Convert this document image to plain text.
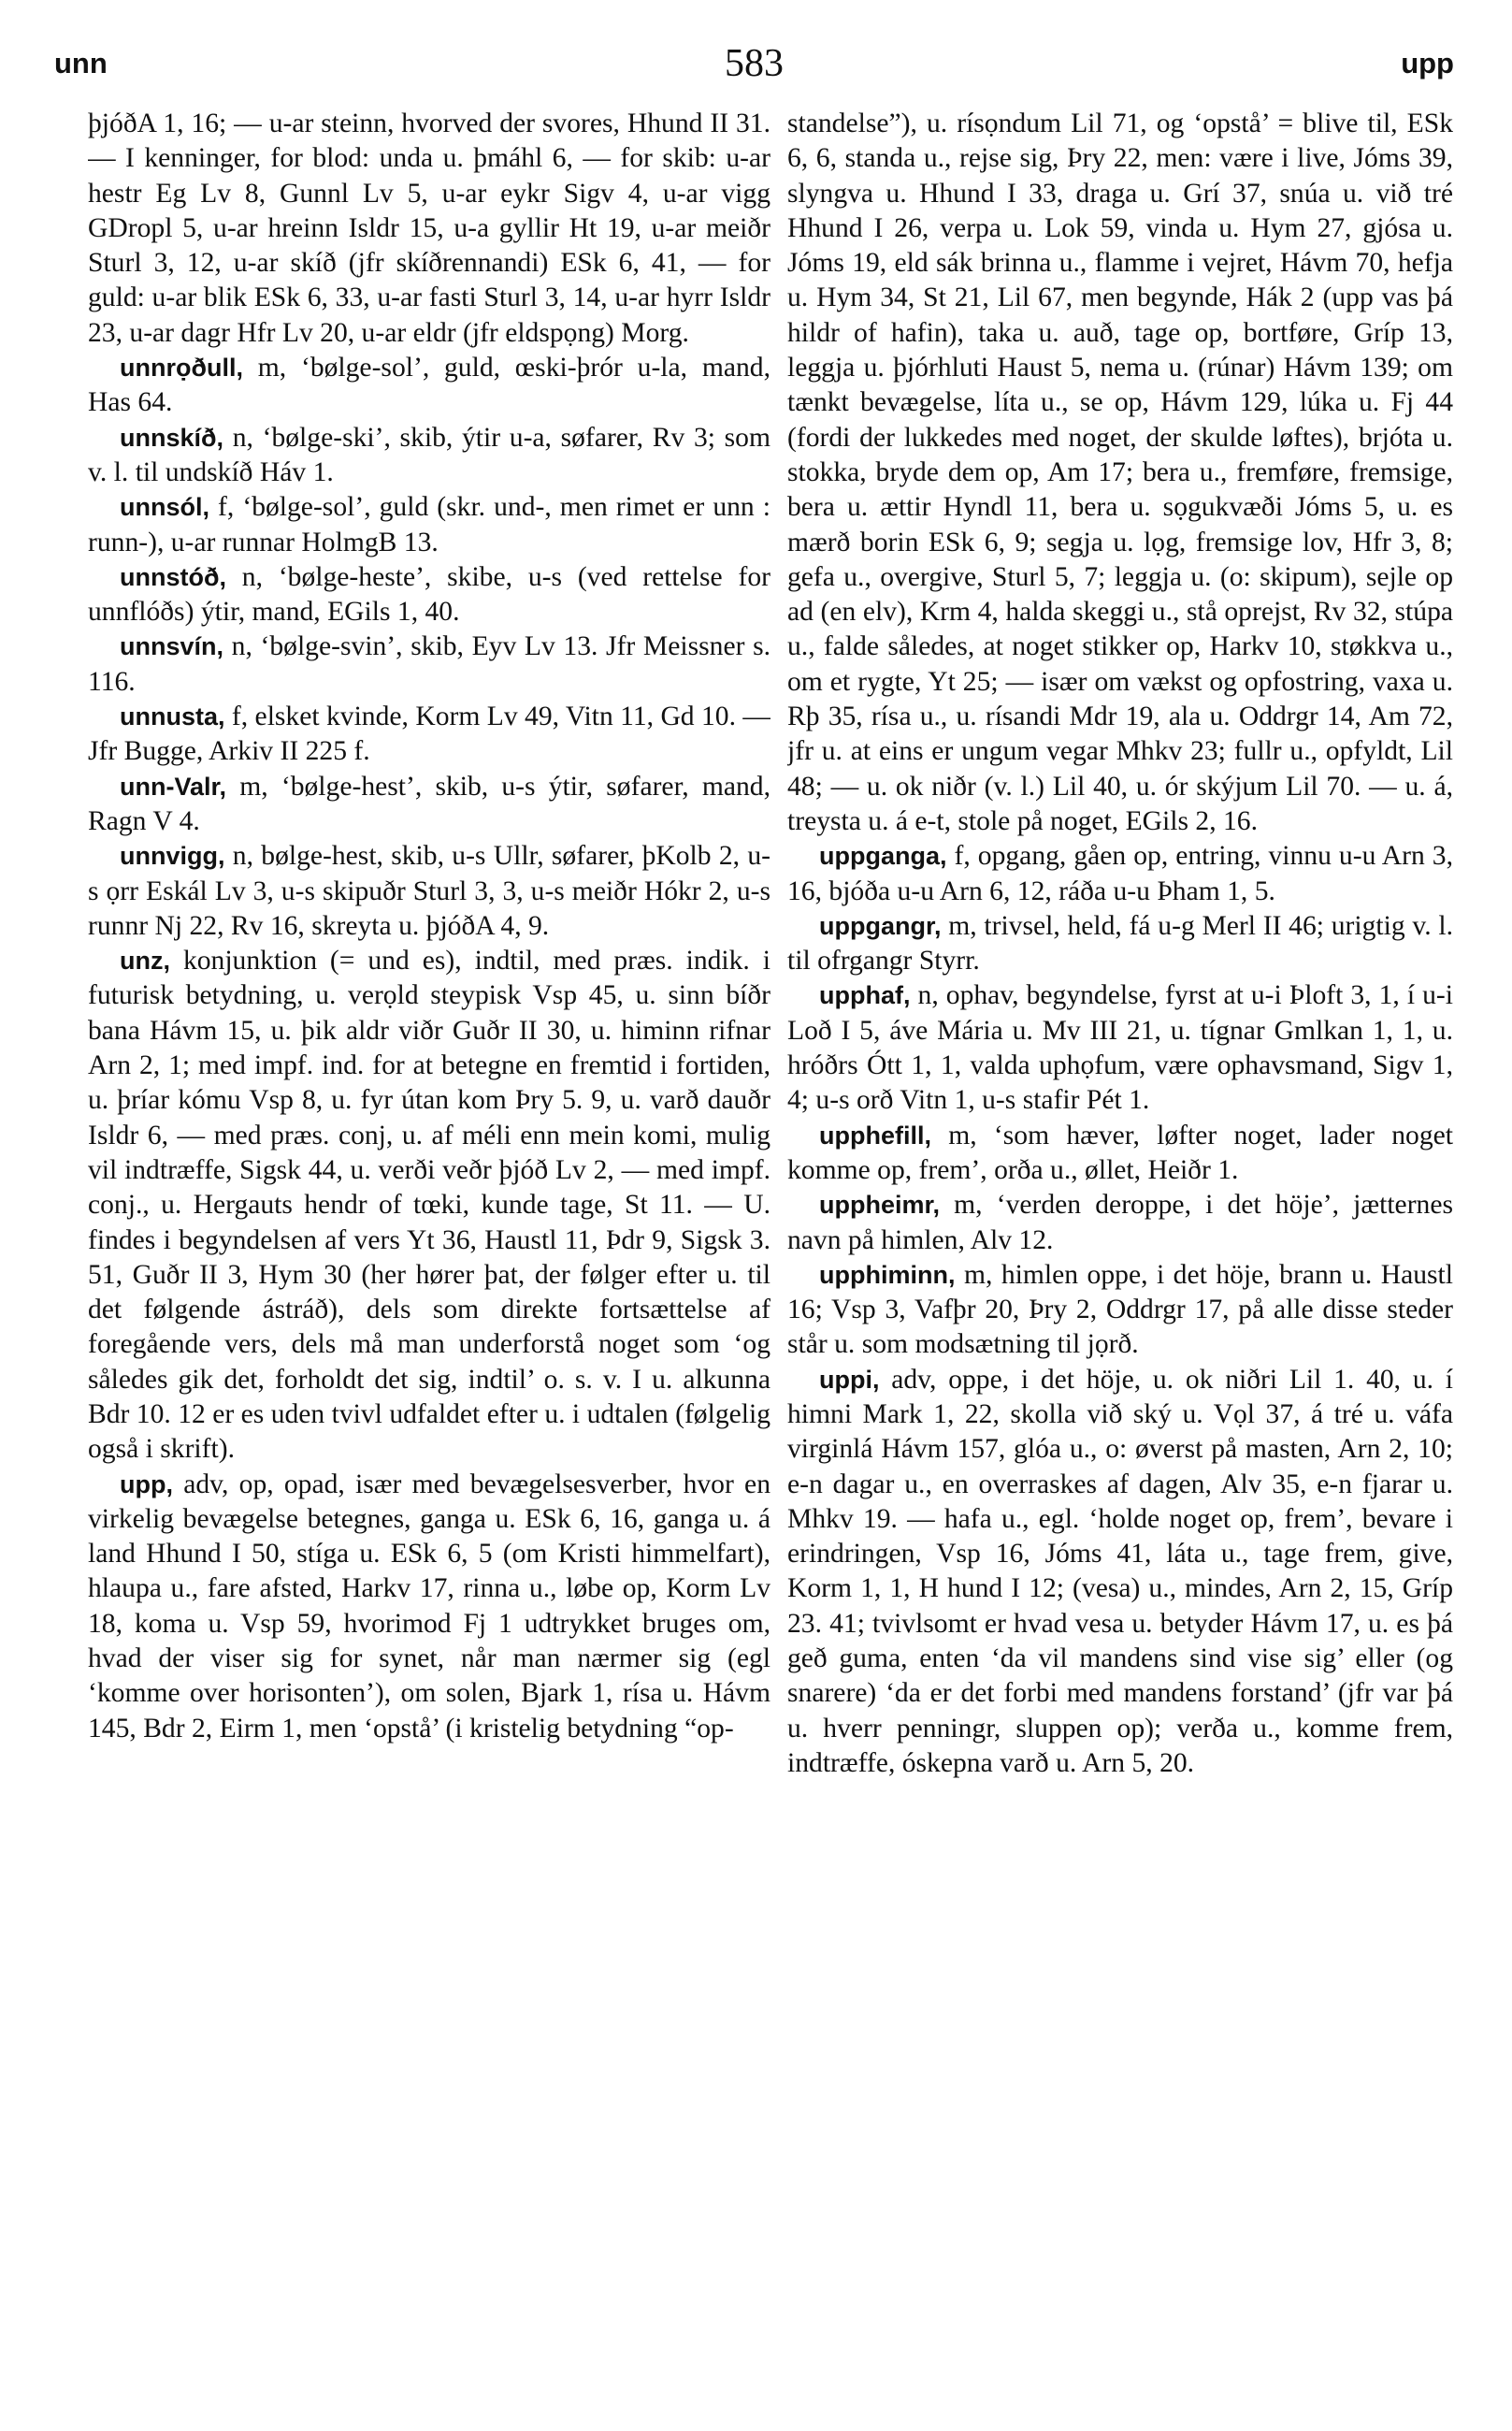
unn	583	upp

þjóðA 1, 16; — u-ar steinn, hvorved der svores, Hhund II 31. — I kenninger, for blod: unda u. þmáhl 6, — for skib: u-ar hestr Eg Lv 8, Gunnl Lv 5, u-ar eykr Sigv 4, u-ar vigg GDropl 5, u-ar hreinn Isldr 15, u-a gyllir Ht 19, u-ar meiðr Sturl 3, 12, u-ar skíð (jfr skíðrennandi) ESk 6, 41, — for guld: u-ar blik ESk 6, 33, u-ar fasti Sturl 3, 14, u-ar hyrr Isldr 23, u-ar dagr Hfr Lv 20, u-ar eldr (jfr eldspọng) Morg.

unnrọðull, m, ‘bølge-sol’, guld, œski-þrór u-la, mand, Has 64.

unnskíð, n, ‘bølge-ski’, skib, ýtir u-a, søfarer, Rv 3; som v. l. til undskíð Háv 1.

unnsól, f, ‘bølge-sol’, guld (skr. und-, men rimet er unn : runn-), u-ar runnar HolmgB 13.

unnstóð, n, ‘bølge-heste’, skibe, u-s (ved rettelse for unnflóðs) ýtir, mand, EGils 1, 40.

unnsvín, n, ‘bølge-svin’, skib, Eyv Lv 13. Jfr Meissner s. 116.

unnusta, f, elsket kvinde, Korm Lv 49, Vitn 11, Gd 10. — Jfr Bugge, Arkiv II 225 f.

unn-Valr, m, ‘bølge-hest’, skib, u-s ýtir, søfarer, mand, Ragn V 4.

unnvigg, n, bølge-hest, skib, u-s Ullr, søfarer, þKolb 2, u-s ọrr Eskál Lv 3, u-s skipuðr Sturl 3, 3, u-s meiðr Hókr 2, u-s runnr Nj 22, Rv 16, skreyta u. þjóðA 4, 9.

unz, konjunktion (= und es), indtil, med præs. indik. i futurisk betydning, u. verọld steypisk Vsp 45, u. sinn bíðr bana Hávm 15, u. þik aldr viðr Guðr II 30, u. himinn rifnar Arn 2, 1; med impf. ind. for at betegne en fremtid i fortiden, u. þríar kómu Vsp 8, u. fyr útan kom Þry 5. 9, u. varð dauðr Isldr 6, — med præs. conj, u. af méli enn mein komi, mulig vil indtræffe, Sigsk 44, u. verði veðr þjóð Lv 2, — med impf. conj., u. Hergauts hendr of tœki, kunde tage, St 11. — U. findes i begyndelsen af vers Yt 36, Haustl 11, Þdr 9, Sigsk 3. 51, Guðr II 3, Hym 30 (her hører þat, der følger efter u. til det følgende ástráð), dels som direkte fortsættelse af foregående vers, dels må man underforstå noget som ‘og således gik det, forholdt det sig, indtil’ o. s. v. I u. alkunna Bdr 10. 12 er es uden tvivl udfaldet efter u. i udtalen (følgelig også i skrift).

upp, adv, op, opad, især med bevægelsesverber, hvor en virkelig bevægelse betegnes, ganga u. ESk 6, 16, ganga u. á land Hhund I 50, stíga u. ESk 6, 5 (om Kristi himmelfart), hlaupa u., fare afsted, Harkv 17, rinna u., løbe op, Korm Lv 18, koma u. Vsp 59, hvorimod Fj 1 udtrykket bruges om, hvad der viser sig for synet, når man nærmer sig (egl ‘komme over horisonten’), om solen, Bjark 1, rísa u. Hávm 145, Bdr 2, Eirm 1, men ‘opstå’ (i kristelig betydning “op-

standelse”), u. rísọndum Lil 71, og ‘opstå’ = blive til, ESk 6, 6, standa u., rejse sig, Þry 22, men: være i live, Jóms 39, slyngva u. Hhund I 33, draga u. Grí 37, snúa u. við tré Hhund I 26, verpa u. Lok 59, vinda u. Hym 27, gjósa u. Jóms 19, eld sák brinna u., flamme i vejret, Hávm 70, hefja u. Hym 34, St 21, Lil 67, men begynde, Hák 2 (upp vas þá hildr of hafin), taka u. auð, tage op, bortføre, Gríp 13, leggja u. þjórhluti Haust 5, nema u. (rúnar) Hávm 139; om tænkt bevægelse, líta u., se op, Hávm 129, lúka u. Fj 44 (fordi der lukkedes med noget, der skulde løftes), brjóta u. stokka, bryde dem op, Am 17; bera u., fremføre, fremsige, bera u. ættir Hyndl 11, bera u. sọgukvæði Jóms 5, u. es mærð borin ESk 6, 9; segja u. lọg, fremsige lov, Hfr 3, 8; gefa u., overgive, Sturl 5, 7; leggja u. (o: skipum), sejle op ad (en elv), Krm 4, halda skeggi u., stå oprejst, Rv 32, stúpa u., falde således, at noget stikker op, Harkv 10, støkkva u., om et rygte, Yt 25; — især om vækst og opfostring, vaxa u. Rþ 35, rísa u., u. rísandi Mdr 19, ala u. Oddrgr 14, Am 72, jfr u. at eins er ungum vegar Mhkv 23; fullr u., opfyldt, Lil 48; — u. ok niðr (v. l.) Lil 40, u. ór skýjum Lil 70. — u. á, treysta u. á e-t, stole på noget, EGils 2, 16.

uppganga, f, opgang, gåen op, entring, vinnu u-u Arn 3, 16, bjóða u-u Arn 6, 12, ráða u-u Þham 1, 5.

uppgangr, m, trivsel, held, fá u-g Merl II 46; urigtig v. l. til ofrgangr Styrr.

upphaf, n, ophav, begyndelse, fyrst at u-i Þloft 3, 1, í u-i Loð I 5, áve Mária u. Mv III 21, u. tígnar Gmlkan 1, 1, u. hróðrs Ótt 1, 1, valda uphọfum, være ophavsmand, Sigv 1, 4; u-s orð Vitn 1, u-s stafir Pét 1.

upphefill, m, ‘som hæver, løfter noget, lader noget komme op, frem’, orða u., øllet, Heiðr 1.

uppheimr, m, ‘verden deroppe, i det höje’, jætternes navn på himlen, Alv 12.

upphiminn, m, himlen oppe, i det höje, brann u. Haustl 16; Vsp 3, Vafþr 20, Þry 2, Oddrgr 17, på alle disse steder står u. som modsætning til jọrð.

uppi, adv, oppe, i det höje, u. ok niðri Lil 1. 40, u. í himni Mark 1, 22, skolla við ský u. Vọl 37, á tré u. váfa virginlá Hávm 157, glóa u., o: øverst på masten, Arn 2, 10; e-n dagar u., en overraskes af dagen, Alv 35, e-n fjarar u. Mhkv 19. — hafa u., egl. ‘holde noget op, frem’, bevare i erindringen, Vsp 16, Jóms 41, láta u., tage frem, give, Korm 1, 1, H hund I 12; (vesa) u., mindes, Arn 2, 15, Gríp 23. 41; tvivlsomt er hvad vesa u. betyder Hávm 17, u. es þá geð guma, enten ‘da vil mandens sind vise sig’ eller (og snarere) ‘da er det forbi med mandens forstand’ (jfr var þá u. hverr penningr, sluppen op); verða u., komme frem, indtræffe, óskepna varð u. Arn 5, 20.
